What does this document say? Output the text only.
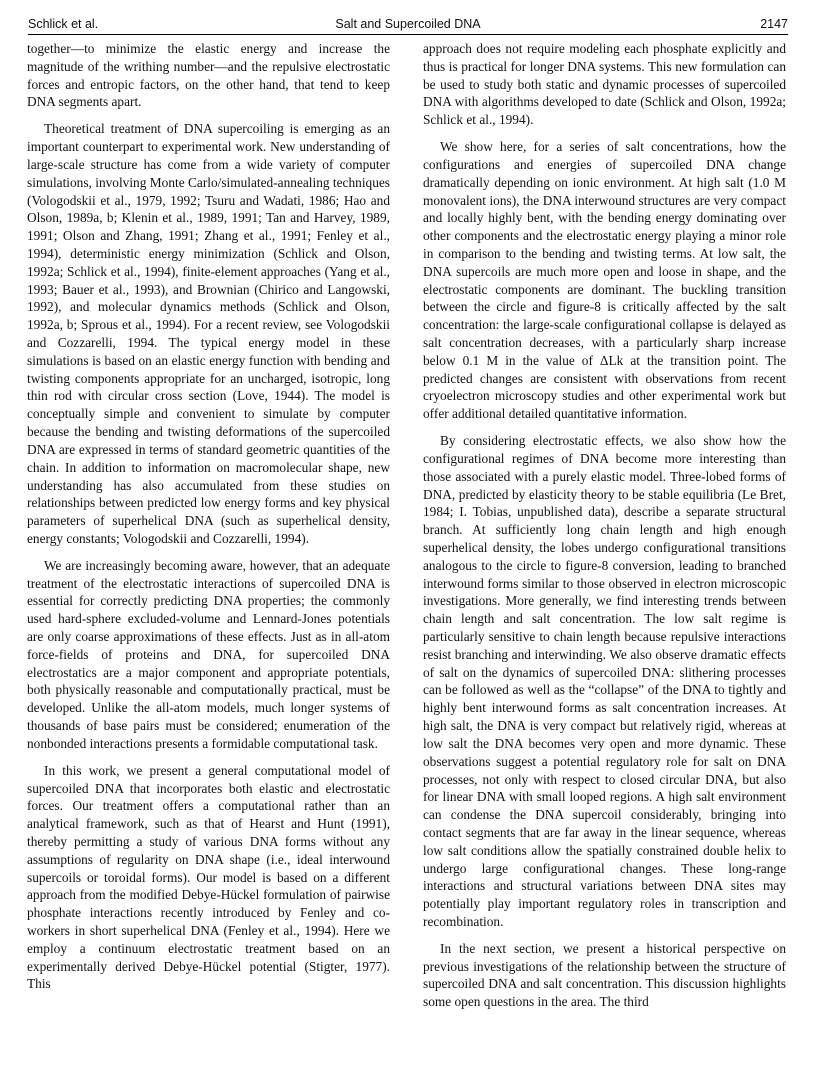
Schlick et al.	Salt and Supercoiled DNA	2147

together—to minimize the elastic energy and increase the magnitude of the writhing number—and the repulsive electrostatic forces and entropic factors, on the other hand, that tend to keep DNA segments apart.

Theoretical treatment of DNA supercoiling is emerging as an important counterpart to experimental work. New understanding of large-scale structure has come from a wide variety of computer simulations, involving Monte Carlo/simulated-annealing techniques (Vologodskii et al., 1979, 1992; Tsuru and Wadati, 1986; Hao and Olson, 1989a, b; Klenin et al., 1989, 1991; Tan and Harvey, 1989, 1991; Olson and Zhang, 1991; Zhang et al., 1991; Fenley et al., 1994), deterministic energy minimization (Schlick and Olson, 1992a; Schlick et al., 1994), finite-element approaches (Yang et al., 1993; Bauer et al., 1993), and Brownian (Chirico and Langowski, 1992), and molecular dynamics methods (Schlick and Olson, 1992a, b; Sprous et al., 1994). For a recent review, see Vologodskii and Cozzarelli, 1994. The typical energy model in these simulations is based on an elastic energy function with bending and twisting components appropriate for an uncharged, isotropic, long thin rod with circular cross section (Love, 1944). The model is conceptually simple and convenient to simulate by computer because the bending and twisting deformations of the supercoiled DNA are expressed in terms of standard geometric quantities of the chain. In addition to information on macromolecular shape, new understanding has also accumulated from these studies on relationships between predicted low energy forms and key physical parameters of superhelical DNA (such as superhelical density, energy constants; Vologodskii and Cozzarelli, 1994).

We are increasingly becoming aware, however, that an adequate treatment of the electrostatic interactions of supercoiled DNA is essential for correctly predicting DNA properties; the commonly used hard-sphere excluded-volume and Lennard-Jones potentials are only coarse approximations of these effects. Just as in all-atom force-fields of proteins and DNA, for supercoiled DNA electrostatics are a major component and appropriate potentials, both physically reasonable and computationally practical, must be developed. Unlike the all-atom models, much longer systems of thousands of base pairs must be considered; enumeration of the nonbonded interactions presents a formidable computational task.

In this work, we present a general computational model of supercoiled DNA that incorporates both elastic and electrostatic forces. Our treatment offers a computational rather than an analytical framework, such as that of Hearst and Hunt (1991), thereby permitting a study of various DNA forms without any assumptions of regularity on DNA shape (i.e., ideal interwound supercoils or toroidal forms). Our model is based on a different approach from the modified Debye-Hückel formulation of pairwise phosphate interactions recently introduced by Fenley and co-workers in short superhelical DNA (Fenley et al., 1994). Here we employ a continuum electrostatic treatment based on an experimentally derived Debye-Hückel potential (Stigter, 1977). This

approach does not require modeling each phosphate explicitly and thus is practical for longer DNA systems. This new formulation can be used to study both static and dynamic processes of supercoiled DNA with algorithms developed to date (Schlick and Olson, 1992a; Schlick et al., 1994).

We show here, for a series of salt concentrations, how the configurations and energies of supercoiled DNA change dramatically depending on ionic environment. At high salt (1.0 M monovalent ions), the DNA interwound structures are very compact and locally highly bent, with the bending energy dominating over other components and the electrostatic energy playing a minor role in comparison to the bending and twisting terms. At low salt, the DNA supercoils are much more open and loose in shape, and the electrostatic components are dominant. The buckling transition between the circle and figure-8 is critically affected by the salt concentration: the large-scale configurational collapse is delayed as salt concentration decreases, with a particularly sharp increase below 0.1 M in the value of ΔLk at the transition point. The predicted changes are consistent with observations from recent cryoelectron microscopy studies and other experimental work but offer additional detailed quantitative information.

By considering electrostatic effects, we also show how the configurational regimes of DNA become more interesting than those associated with a purely elastic model. Three-lobed forms of DNA, predicted by elasticity theory to be stable equilibria (Le Bret, 1984; I. Tobias, unpublished data), describe a separate structural branch. At sufficiently long chain length and high enough superhelical density, the lobes undergo configurational transitions analogous to the circle to figure-8 conversion, leading to branched interwound forms similar to those observed in electron microscopic investigations. More generally, we find interesting trends between chain length and salt concentration. The low salt regime is particularly sensitive to chain length because repulsive interactions resist branching and interwinding. We also observe dramatic effects of salt on the dynamics of supercoiled DNA: slithering processes can be followed as well as the “collapse” of the DNA to tightly and highly bent interwound forms as salt concentration increases. At high salt, the DNA is very compact but relatively rigid, whereas at low salt the DNA becomes very open and more dynamic. These observations suggest a potential regulatory role for salt on DNA processes, not only with respect to closed circular DNA, but also for linear DNA with small looped regions. A high salt environment can condense the DNA supercoil considerably, bringing into contact segments that are far away in the linear sequence, whereas low salt conditions allow the spatially constrained double helix to undergo large configurational changes. These long-range interactions and structural variations between DNA sites may potentially play important regulatory roles in transcription and recombination.

In the next section, we present a historical perspective on previous investigations of the relationship between the structure of supercoiled DNA and salt concentration. This discussion highlights some open questions in the area. The third
